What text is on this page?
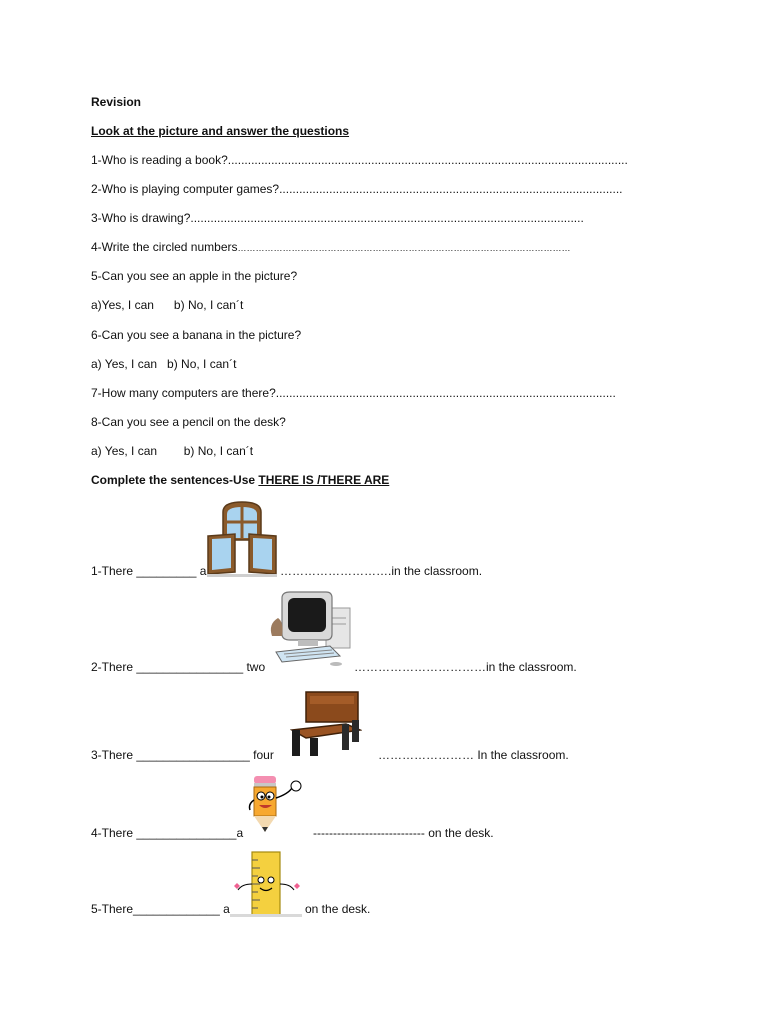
Revision
Look at the picture and answer the questions
1-Who is reading a book?........................................................................................................................
2-Who is playing computer games?.......................................................................................................
3-Who is drawing?......................................................................................................................
4-Write the circled numbers…………………………………………………………………………………………………
5-Can you see an apple in the picture?
a)Yes, I can      b) No, I can´t
6-Can you see a banana in the picture?
a) Yes, I can   b) No, I can´t
7-How many computers are there?......................................................................................................
8-Can you see a pencil on the desk?
a) Yes, I can        b) No, I can´t
Complete the sentences-Use THERE IS /THERE ARE
1-There _________ a	……………………….in the classroom.
2-There ________________ two	……………………………in the classroom.
3-There _________________ four	…………………… In the classroom.
4-There _______________a	---------------------------- on the desk.
5-There_____________ a	on the desk.
